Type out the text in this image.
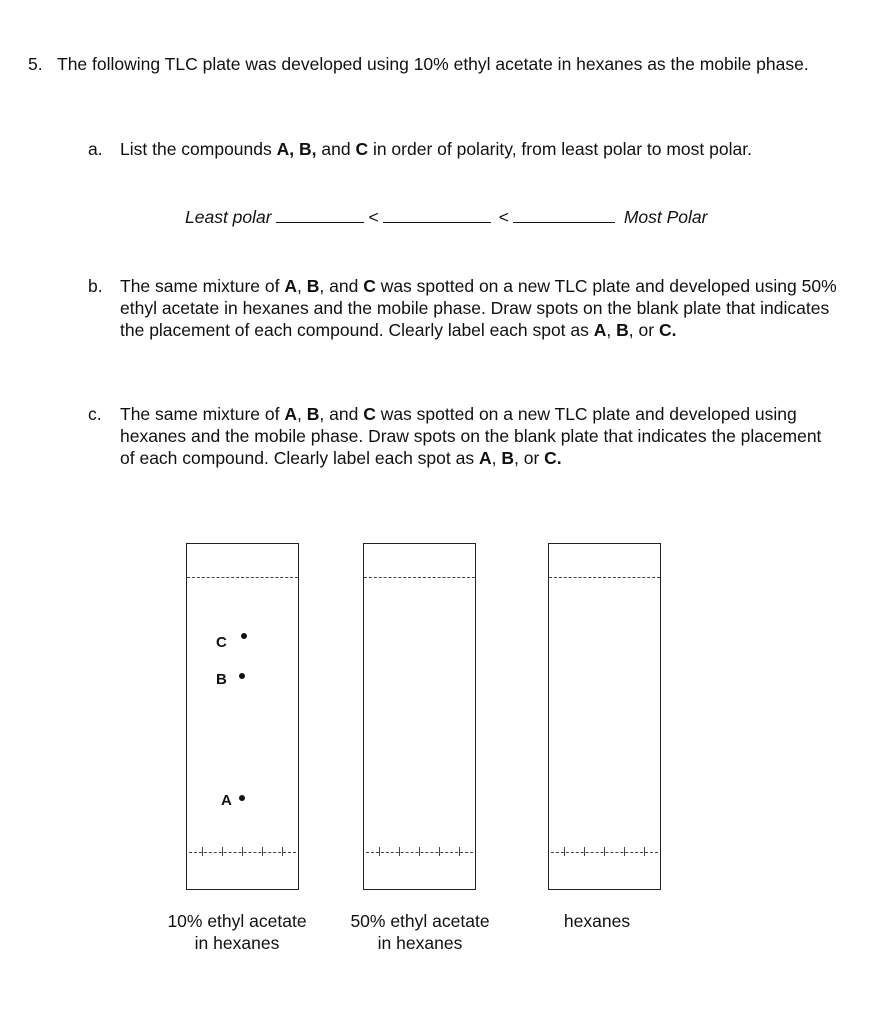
5. The following TLC plate was developed using 10% ethyl acetate in hexanes as the mobile phase.
a. List the compounds A, B, and C in order of polarity, from least polar to most polar.
Least polar	<	<	Most Polar
b. The same mixture of A, B, and C was spotted on a new TLC plate and developed using 50% ethyl acetate in hexanes and the mobile phase. Draw spots on the blank plate that indicates the placement of each compound. Clearly label each spot as A, B, or C.
c. The same mixture of A, B, and C was spotted on a new TLC plate and developed using hexanes and the mobile phase. Draw spots on the blank plate that indicates the placement of each compound. Clearly label each spot as A, B, or C.
C
B
A
10% ethyl acetate
in hexanes
50% ethyl acetate
in hexanes
hexanes
